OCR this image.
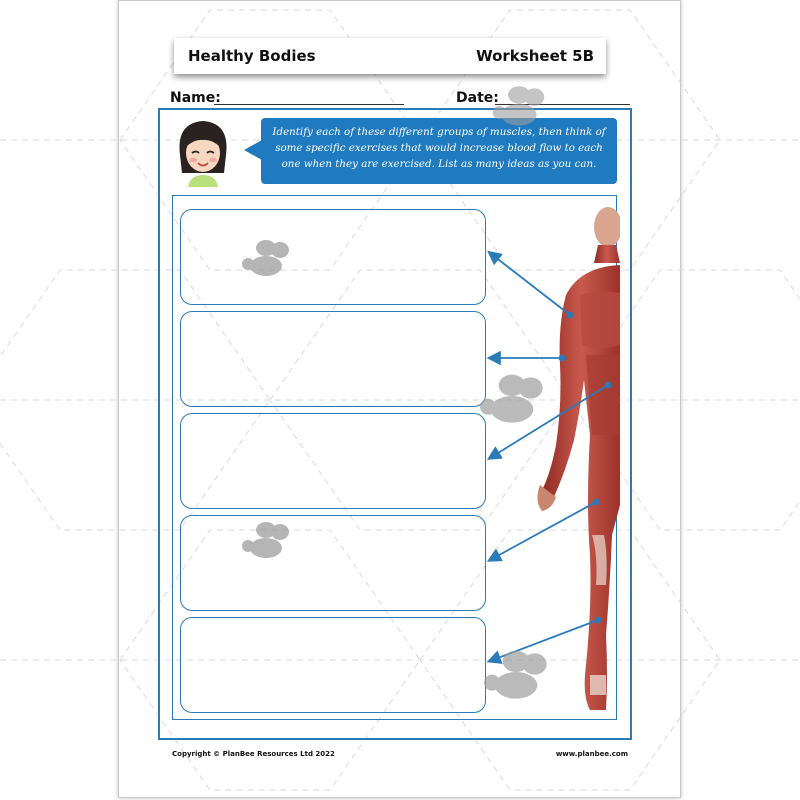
Healthy Bodies	Worksheet 5B
Name:	Date:
Identify each of these different groups of muscles, then think of some specific exercises that would increase blood flow to each one when they are exercised. List as many ideas as you can.
Copyright © PlanBee Resources Ltd 2022	www.planbee.com
